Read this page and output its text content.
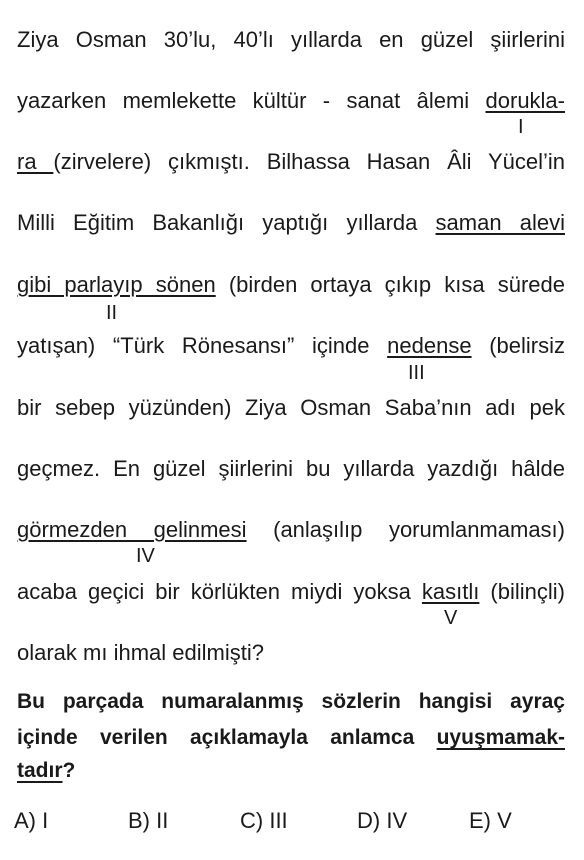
Ziya Osman 30’lu, 40’lı yıllarda en güzel şiirlerini
yazarken memlekette kültür - sanat âlemi dorukla-
I
ra (zirvelere) çıkmıştı. Bilhassa Hasan Âli Yücel’in
Milli Eğitim Bakanlığı yaptığı yıllarda saman alevi
gibi parlayıp sönen (birden ortaya çıkıp kısa sürede
II
yatışan) “Türk Rönesansı” içinde nedense (belirsiz
III
bir sebep yüzünden) Ziya Osman Saba’nın adı pek
geçmez. En güzel şiirlerini bu yıllarda yazdığı hâlde
görmezden gelinmesi (anlaşılıp yorumlanmaması)
IV
acaba geçici bir körlükten miydi yoksa kasıtlı (bilinçli)
V
olarak mı ihmal edilmişti?
Bu parçada numaralanmış sözlerin hangisi ayraç
içinde verilen açıklamayla anlamca uyuşmamak-
tadır?
A) I	B) II	C) III	D) IV	E) V
